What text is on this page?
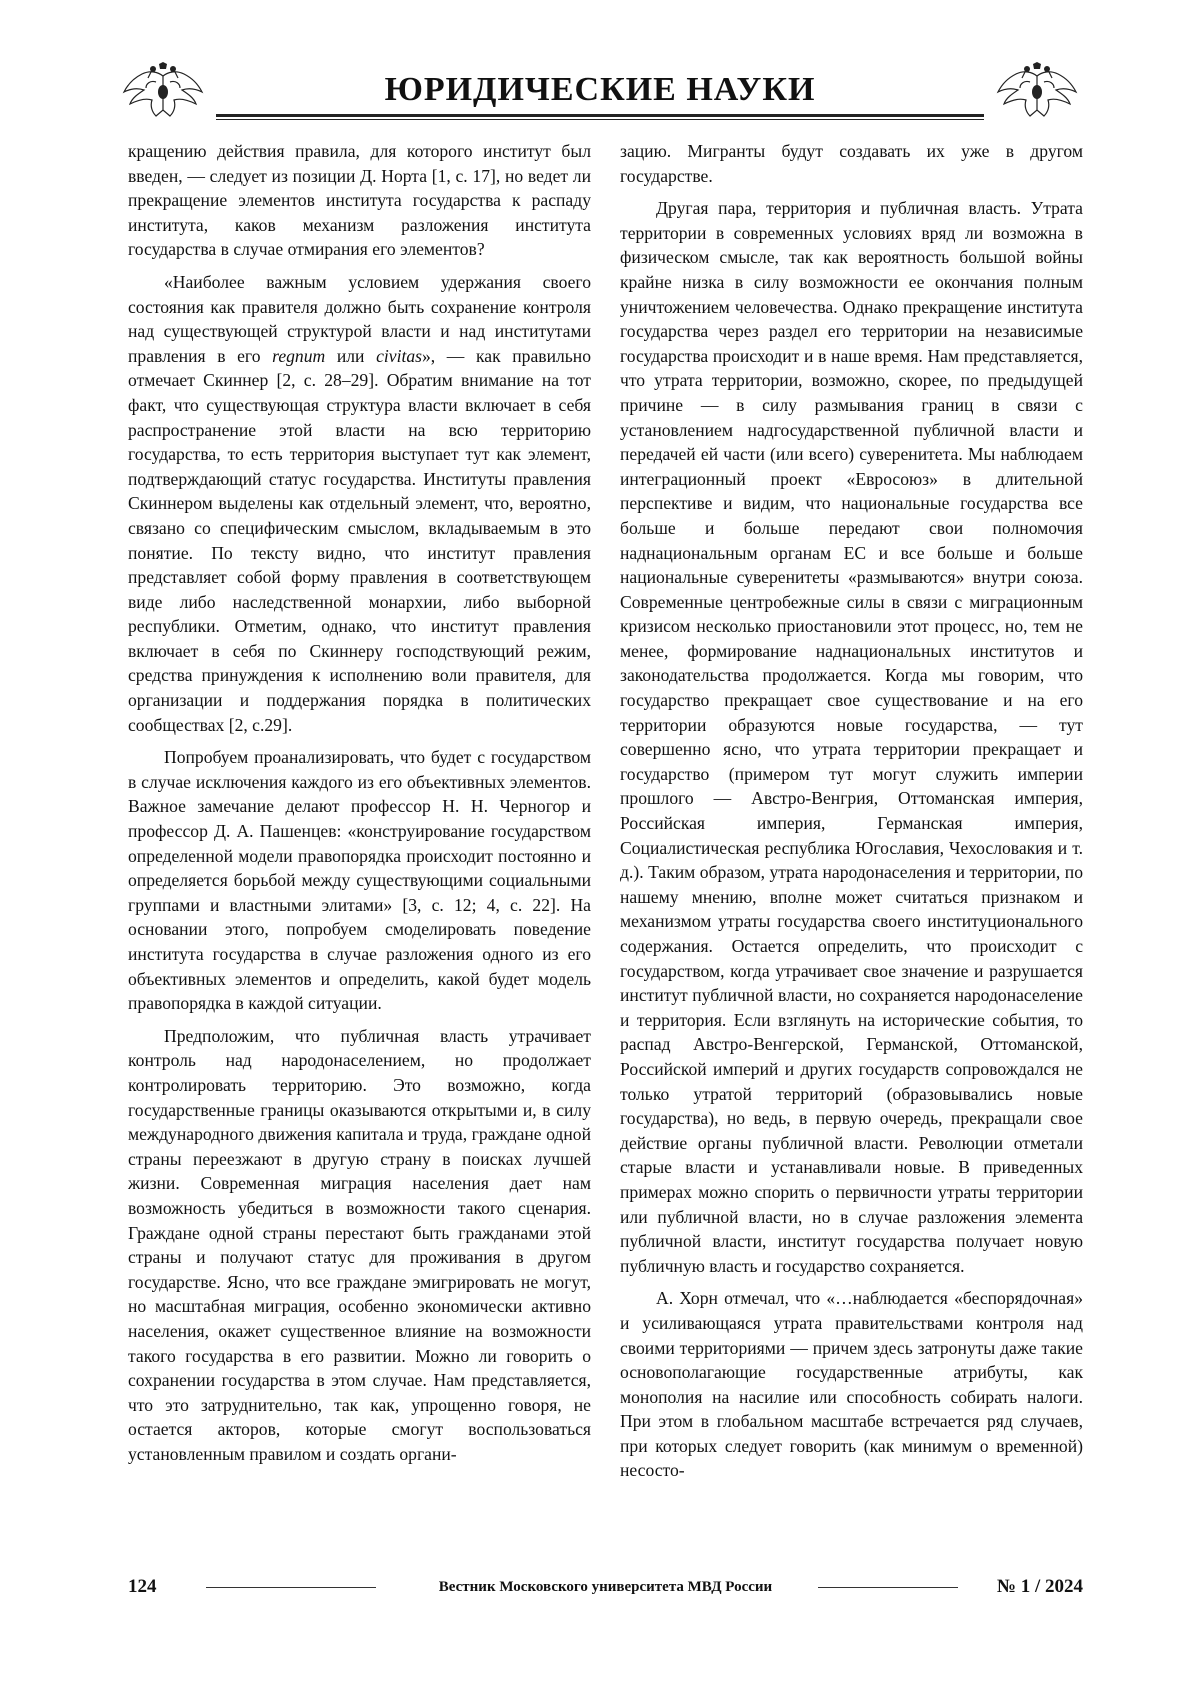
ЮРИДИЧЕСКИЕ НАУКИ

кращению действия правила, для которого институт был введен, — следует из позиции Д. Норта [1, с. 17], но ведет ли прекращение элементов института государства к распаду института, каков механизм разложения института государства в случае отмирания его элементов?

«Наиболее важным условием удержания своего состояния как правителя должно быть сохранение контроля над существующей структурой власти и над институтами правления в его regnum или civitas», — как правильно отмечает Скиннер [2, с. 28–29]. Обратим внимание на тот факт, что существующая структура власти включает в себя распространение этой власти на всю территорию государства, то есть территория выступает тут как элемент, подтверждающий статус государства. Институты правления Скиннером выделены как отдельный элемент, что, вероятно, связано со специфическим смыслом, вкладываемым в это понятие. По тексту видно, что институт правления представляет собой форму правления в соответствующем виде либо наследственной монархии, либо выборной республики. Отметим, однако, что институт правления включает в себя по Скиннеру господствующий режим, средства принуждения к исполнению воли правителя, для организации и поддержания порядка в политических сообществах [2, с.29].

Попробуем проанализировать, что будет с государством в случае исключения каждого из его объективных элементов. Важное замечание делают профессор Н. Н. Черногор и профессор Д. А. Пашенцев: «конструирование государством определенной модели правопорядка происходит постоянно и определяется борьбой между существующими социальными группами и властными элитами» [3, с. 12; 4, с. 22]. На основании этого, попробуем смоделировать поведение института государства в случае разложения одного из его объективных элементов и определить, какой будет модель правопорядка в каждой ситуации.

Предположим, что публичная власть утрачивает контроль над народонаселением, но продолжает контролировать территорию. Это возможно, когда государственные границы оказываются открытыми и, в силу международного движения капитала и труда, граждане одной страны переезжают в другую страну в поисках лучшей жизни. Современная миграция населения дает нам возможность убедиться в возможности такого сценария. Граждане одной страны перестают быть гражданами этой страны и получают статус для проживания в другом государстве. Ясно, что все граждане эмигрировать не могут, но масштабная миграция, особенно экономически активно населения, окажет существенное влияние на возможности такого государства в его развитии. Можно ли говорить о сохранении государства в этом случае. Нам представляется, что это затруднительно, так как, упрощенно говоря, не остается акторов, которые смогут воспользоваться установленным правилом и создать органи-

зацию. Мигранты будут создавать их уже в другом государстве.

Другая пара, территория и публичная власть. Утрата территории в современных условиях вряд ли возможна в физическом смысле, так как вероятность большой войны крайне низка в силу возможности ее окончания полным уничтожением человечества. Однако прекращение института государства через раздел его территории на независимые государства происходит и в наше время. Нам представляется, что утрата территории, возможно, скорее, по предыдущей причине — в силу размывания границ в связи с установлением надгосударственной публичной власти и передачей ей части (или всего) суверенитета. Мы наблюдаем интеграционный проект «Евросоюз» в длительной перспективе и видим, что национальные государства все больше и больше передают свои полномочия наднациональным органам ЕС и все больше и больше национальные суверенитеты «размываются» внутри союза. Современные центробежные силы в связи с миграционным кризисом несколько приостановили этот процесс, но, тем не менее, формирование наднациональных институтов и законодательства продолжается. Когда мы говорим, что государство прекращает свое существование и на его территории образуются новые государства, — тут совершенно ясно, что утрата территории прекращает и государство (примером тут могут служить империи прошлого — Австро-Венгрия, Оттоманская империя, Российская империя, Германская империя, Социалистическая республика Югославия, Чехословакия и т. д.). Таким образом, утрата народонаселения и территории, по нашему мнению, вполне может считаться признаком и механизмом утраты государства своего институционального содержания. Остается определить, что происходит с государством, когда утрачивает свое значение и разрушается институт публичной власти, но сохраняется народонаселение и территория. Если взглянуть на исторические события, то распад Австро-Венгерской, Германской, Оттоманской, Российской империй и других государств сопровождался не только утратой территорий (образовывались новые государства), но ведь, в первую очередь, прекращали свое действие органы публичной власти. Революции отметали старые власти и устанавливали новые. В приведенных примерах можно спорить о первичности утраты территории или публичной власти, но в случае разложения элемента публичной власти, институт государства получает новую публичную власть и государство сохраняется.

А. Хорн отмечал, что «…наблюдается «беспорядочная» и усиливающаяся утрата правительствами контроля над своими территориями — причем здесь затронуты даже такие основополагающие государственные атрибуты, как монополия на насилие или способность собирать налоги. При этом в глобальном масштабе встречается ряд случаев, при которых следует говорить (как минимум о временной) несосто-

124	Вестник Московского университета МВД России	№ 1 / 2024
